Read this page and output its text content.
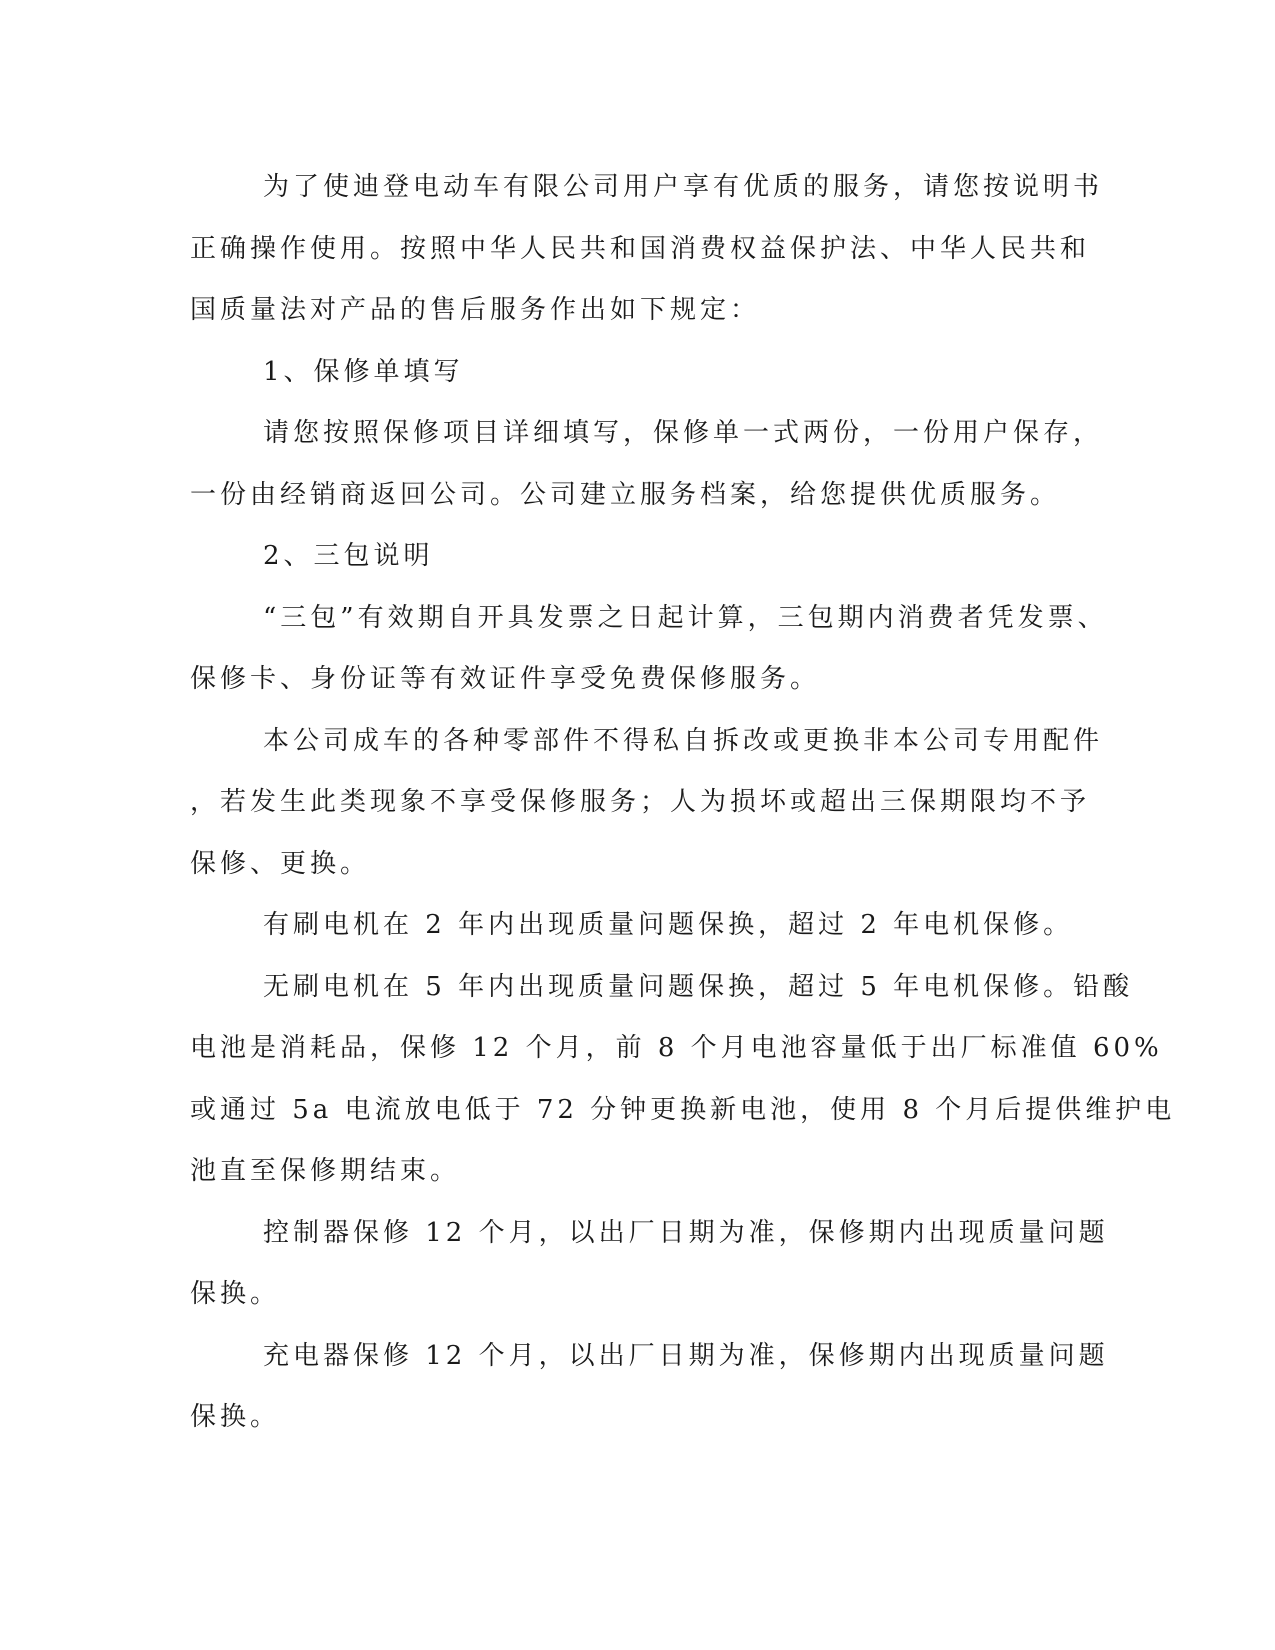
为了使迪登电动车有限公司用户享有优质的服务，请您按说明书
正确操作使用。按照中华人民共和国消费权益保护法、中华人民共和
国质量法对产品的售后服务作出如下规定：
1、保修单填写
请您按照保修项目详细填写，保修单一式两份，一份用户保存，
一份由经销商返回公司。公司建立服务档案，给您提供优质服务。
2、三包说明
“三包”有效期自开具发票之日起计算，三包期内消费者凭发票、
保修卡、身份证等有效证件享受免费保修服务。
本公司成车的各种零部件不得私自拆改或更换非本公司专用配件
，若发生此类现象不享受保修服务；人为损坏或超出三保期限均不予
保修、更换。
有刷电机在 2 年内出现质量问题保换，超过 2 年电机保修。
无刷电机在 5 年内出现质量问题保换，超过 5 年电机保修。铅酸
电池是消耗品，保修 12 个月，前 8 个月电池容量低于出厂标准值 60%
或通过 5a 电流放电低于 72 分钟更换新电池，使用 8 个月后提供维护电
池直至保修期结束。
控制器保修 12 个月，以出厂日期为准，保修期内出现质量问题
保换。
充电器保修 12 个月，以出厂日期为准，保修期内出现质量问题
保换。
